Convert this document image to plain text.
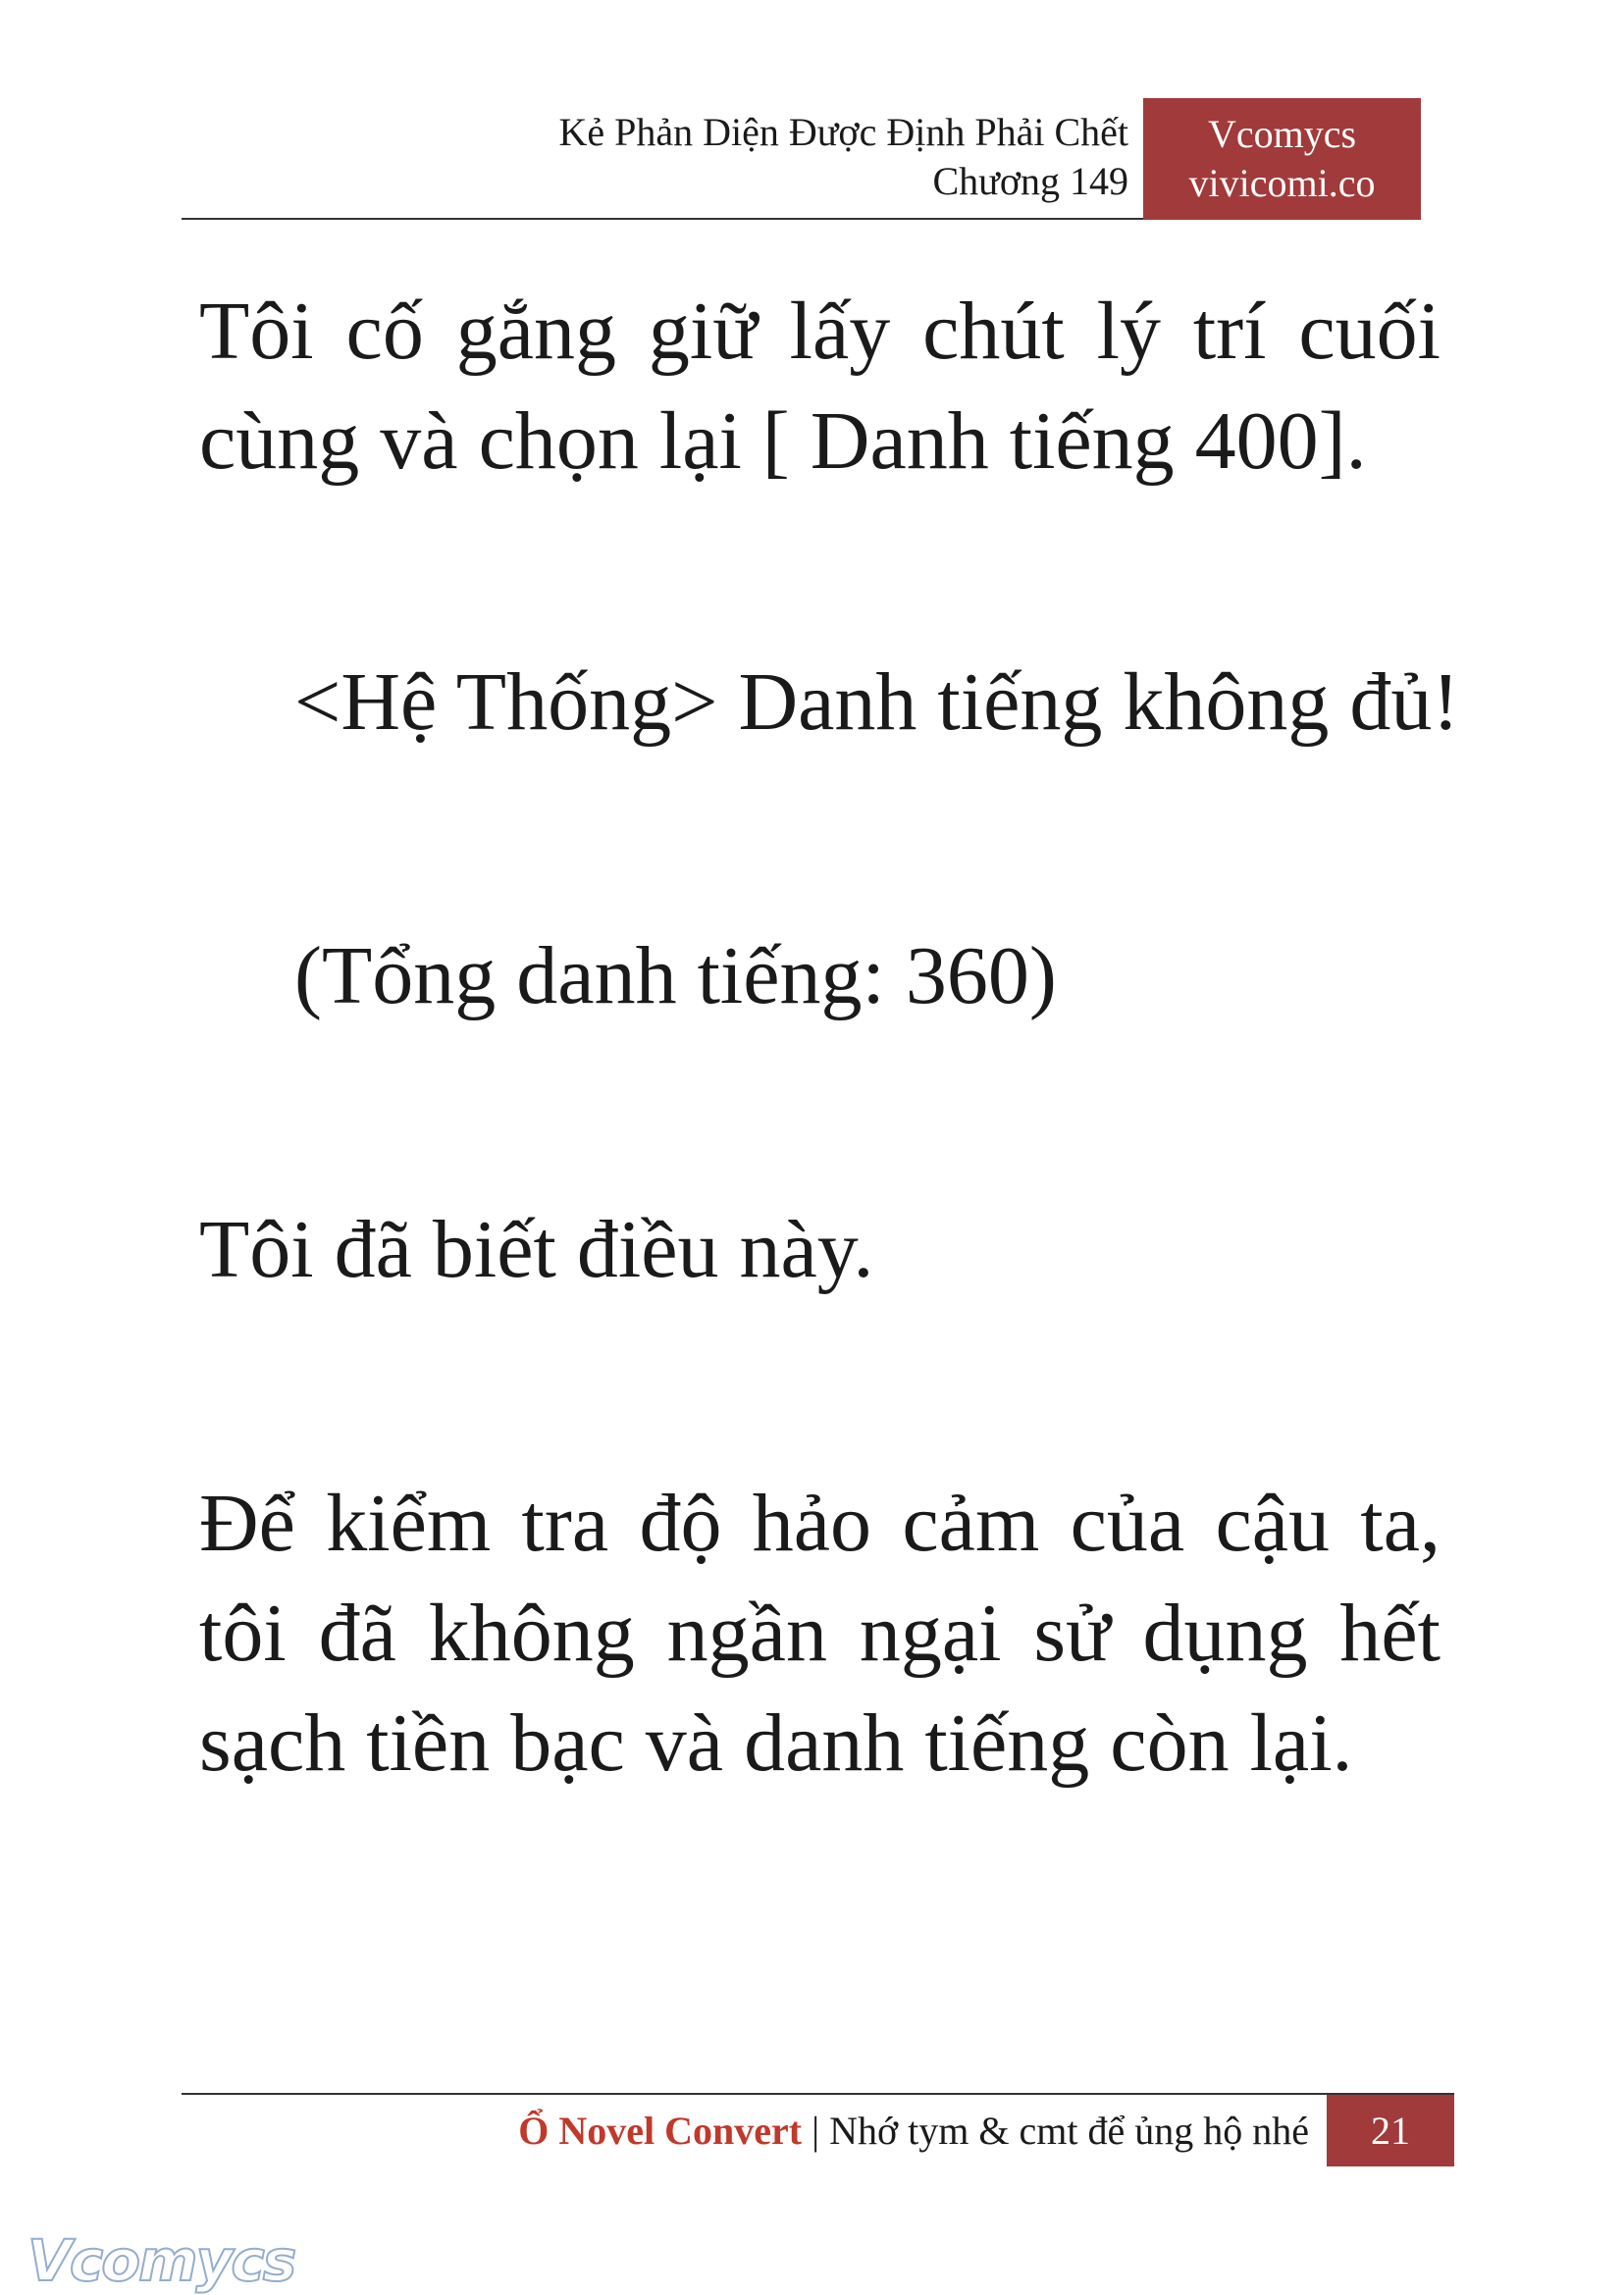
Kẻ Phản Diện Được Định Phải Chết
Chương 149
Vcomycs
vivicomi.co
Tôi cố gắng giữ lấy chút lý trí cuối cùng và chọn lại [ Danh tiếng 400].
<Hệ Thống> Danh tiếng không đủ!
(Tổng danh tiếng: 360)
Tôi đã biết điều này.
Để kiểm tra độ hảo cảm của cậu ta, tôi đã không ngần ngại sử dụng hết sạch tiền bạc và danh tiếng còn lại.
Ổ Novel Convert | Nhớ tym & cmt để ủng hộ nhé	21
Vcomycs
